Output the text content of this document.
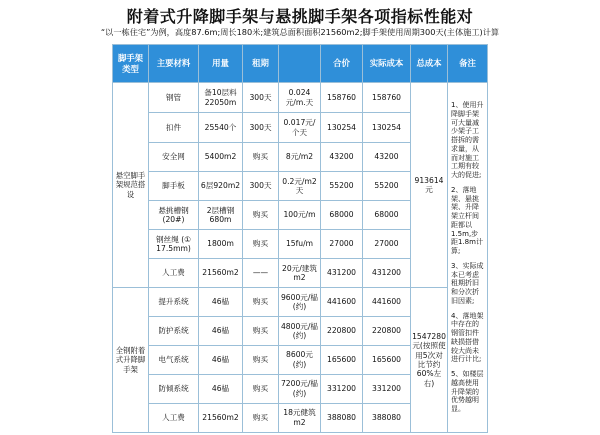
附着式升降脚手架与悬挑脚手架各项指标性能对
“以一栋住宅”为例，高度87.6m;周长180米;建筑总面积面积21560m2;脚手架使用周期300天(主体施工)计算
脚手架类型	主要材料	用量	租期		合价	实际成本	总成本	备注
悬空脚手架规范搭设	钢管	备10层料22050m	300天	0.024元/m.天	158760	158760	913614元	1、使用升降脚手架可大量减少架子工搭拆的需求量，从而对施工工期有较大的促进;
2、落地架、悬挑架、升降架立杆间距都以1.5m,步距1.8m计算;
3、实际成本已考虑租期折旧和分次折旧因素;
4、落地架中存在的钢管扣件缺损搭借较大尚未进行计比;
5、如楼层越高使用升降架的优势越明显。

	扣件	25540个	300天	0.017元/个天	130254	130254		
	安全网	5400m2	购买	8元/m2	43200	43200		
	脚手板	6层920m2	300天	0.2元/m2天	55200	55200		
	悬挑槽钢(20#)	2层槽钢680m	购买	100元/m	68000	68000		
	钢丝绳 (① 17.5mm)	1800m	购买	15fu/m	27000	27000		
	人工费	21560m2	——	20元/建筑m2	431200	431200		
全钢附着式升降脚手架	提升系统	46榀	购买	9600元/榀(约)	441600	441600	1547280元(按照使用5次对比节约60%左右)	
	防护系统	46榀	购买	4800元/榀(约)	220800	220800		
	电气系统	46榀	购买	8600元(约)	165600	165600		
	防倾系统	46榀	购买	7200元/榀(约)	331200	331200		
	人工费	21560m2	购买	18元健筑m2	388080	388080		
